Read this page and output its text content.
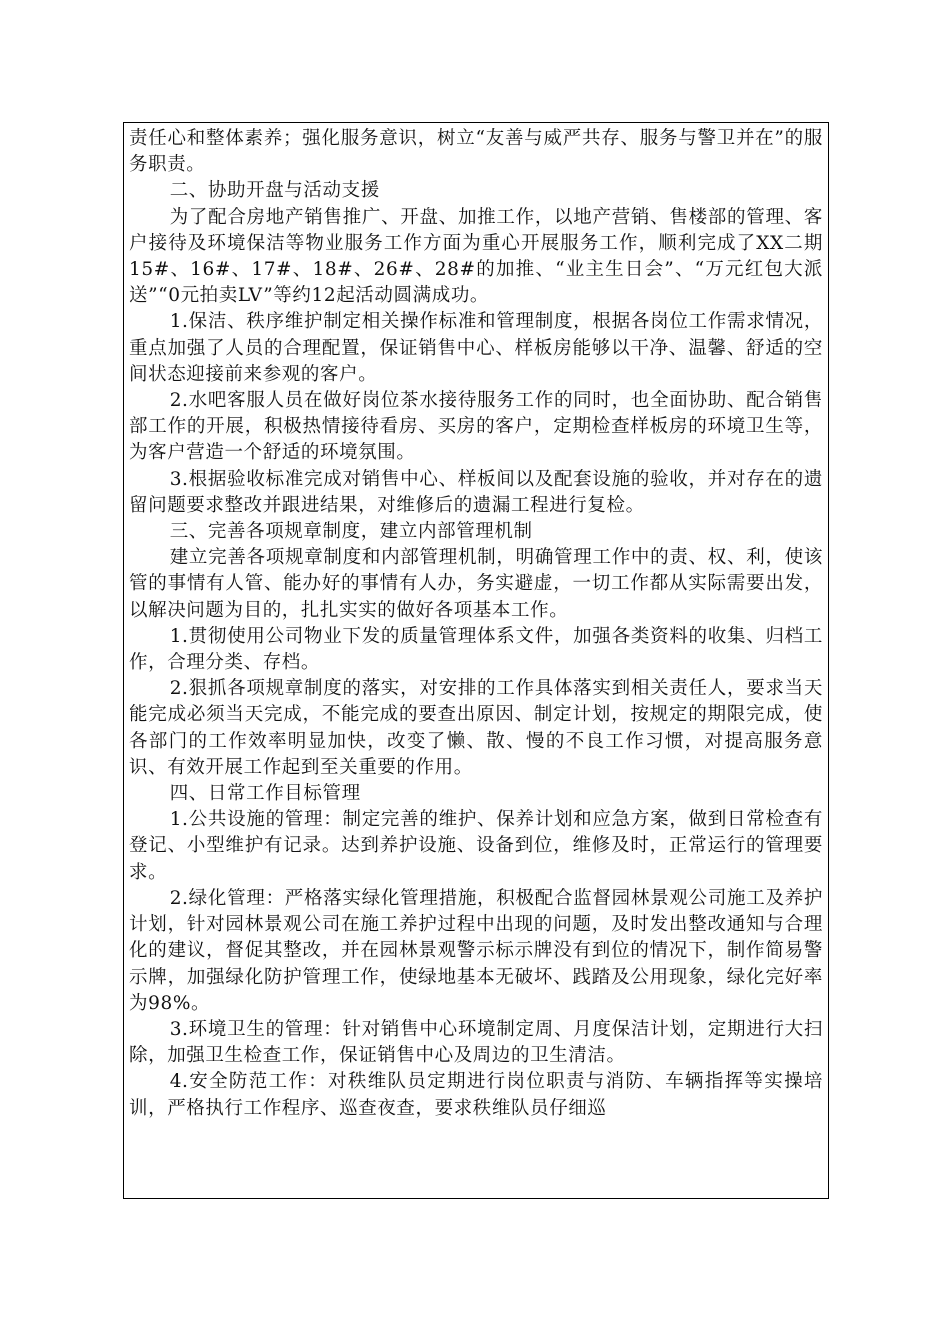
责任心和整体素养；强化服务意识，树立“友善与威严共存、服务与警卫并在”的服务职责。

二、协助开盘与活动支援

为了配合房地产销售推广、开盘、加推工作，以地产营销、售楼部的管理、客户接待及环境保洁等物业服务工作方面为重心开展服务工作，顺利完成了XX二期15#、16#、17#、18#、26#、28#的加推、“业主生日会”、“万元红包大派送”“0元拍卖LV”等约12起活动圆满成功。

1.保洁、秩序维护制定相关操作标准和管理制度，根据各岗位工作需求情况，重点加强了人员的合理配置，保证销售中心、样板房能够以干净、温馨、舒适的空间状态迎接前来参观的客户。

2.水吧客服人员在做好岗位茶水接待服务工作的同时，也全面协助、配合销售部工作的开展，积极热情接待看房、买房的客户，定期检查样板房的环境卫生等，为客户营造一个舒适的环境氛围。

3.根据验收标准完成对销售中心、样板间以及配套设施的验收，并对存在的遗留问题要求整改并跟进结果，对维修后的遗漏工程进行复检。

三、完善各项规章制度，建立内部管理机制

建立完善各项规章制度和内部管理机制，明确管理工作中的责、权、利，使该管的事情有人管、能办好的事情有人办，务实避虚，一切工作都从实际需要出发，以解决问题为目的，扎扎实实的做好各项基本工作。

1.贯彻使用公司物业下发的质量管理体系文件，加强各类资料的收集、归档工作，合理分类、存档。

2.狠抓各项规章制度的落实，对安排的工作具体落实到相关责任人，要求当天能完成必须当天完成，不能完成的要查出原因、制定计划，按规定的期限完成，使各部门的工作效率明显加快，改变了懒、散、慢的不良工作习惯，对提高服务意识、有效开展工作起到至关重要的作用。

四、日常工作目标管理

1.公共设施的管理：制定完善的维护、保养计划和应急方案，做到日常检查有登记、小型维护有记录。达到养护设施、设备到位，维修及时，正常运行的管理要求。

2.绿化管理：严格落实绿化管理措施，积极配合监督园林景观公司施工及养护计划，针对园林景观公司在施工养护过程中出现的问题，及时发出整改通知与合理化的建议，督促其整改，并在园林景观警示标示牌没有到位的情况下，制作简易警示牌，加强绿化防护管理工作，使绿地基本无破坏、践踏及公用现象，绿化完好率为98%。

3.环境卫生的管理：针对销售中心环境制定周、月度保洁计划，定期进行大扫除，加强卫生检查工作，保证销售中心及周边的卫生清洁。

4.安全防范工作：对秩维队员定期进行岗位职责与消防、车辆指挥等实操培训，严格执行工作程序、巡查夜查，要求秩维队员仔细巡
